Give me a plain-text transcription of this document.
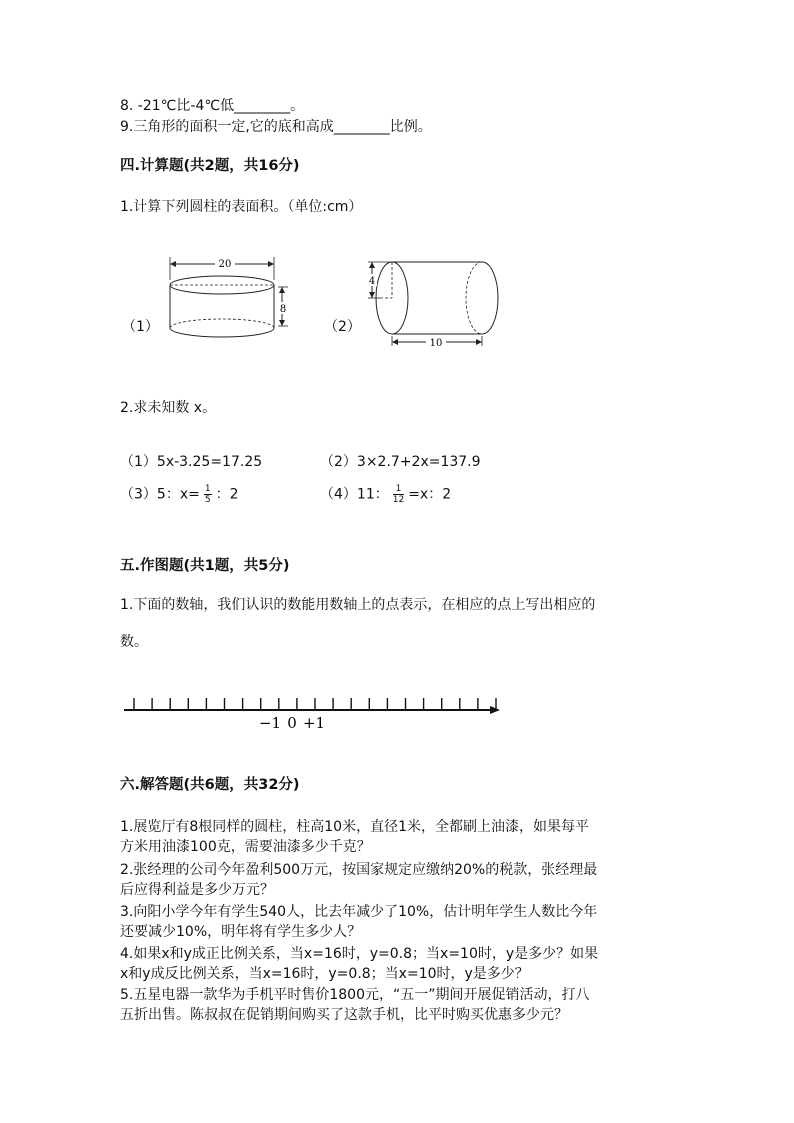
8. -21℃比-4℃低________。
9.三角形的面积一定,它的底和高成________比例。
四.计算题(共2题，共16分)
1.计算下列圆柱的表面积。（单位:cm）
（1）
20
8
（2）
4
10
2.求未知数 x。
（1）5x-3.25=17.25	（2）3×2.7+2x=137.9
（3）5：$x= \frac{1}{5}$ ：2	（4）11： $\frac{1}{12} =x$：2
五.作图题(共1题，共5分)
1.下面的数轴，我们认识的数能用数轴上的点表示，在相应的点上写出相应的
数。
−1 0 +1
六.解答题(共6题，共32分)
1.展览厅有8根同样的圆柱，柱高10米，直径1米，全都刷上油漆，如果每平
方米用油漆100克，需要油漆多少千克？
2.张经理的公司今年盈利500万元，按国家规定应缴纳20%的税款，张经理最
后应得利益是多少万元？
3.向阳小学今年有学生540人，比去年减少了10%，估计明年学生人数比今年
还要减少10%，明年将有学生多少人？
4.如果x和y成正比例关系，当x=16时，y=0.8；当x=10时，y是多少？如果
x和y成反比例关系，当x=16时，y=0.8；当x=10时，y是多少？
5.五星电器一款华为手机平时售价1800元，“五一”期间开展促销活动，打八
五折出售。陈叔叔在促销期间购买了这款手机，比平时购买优惠多少元？
